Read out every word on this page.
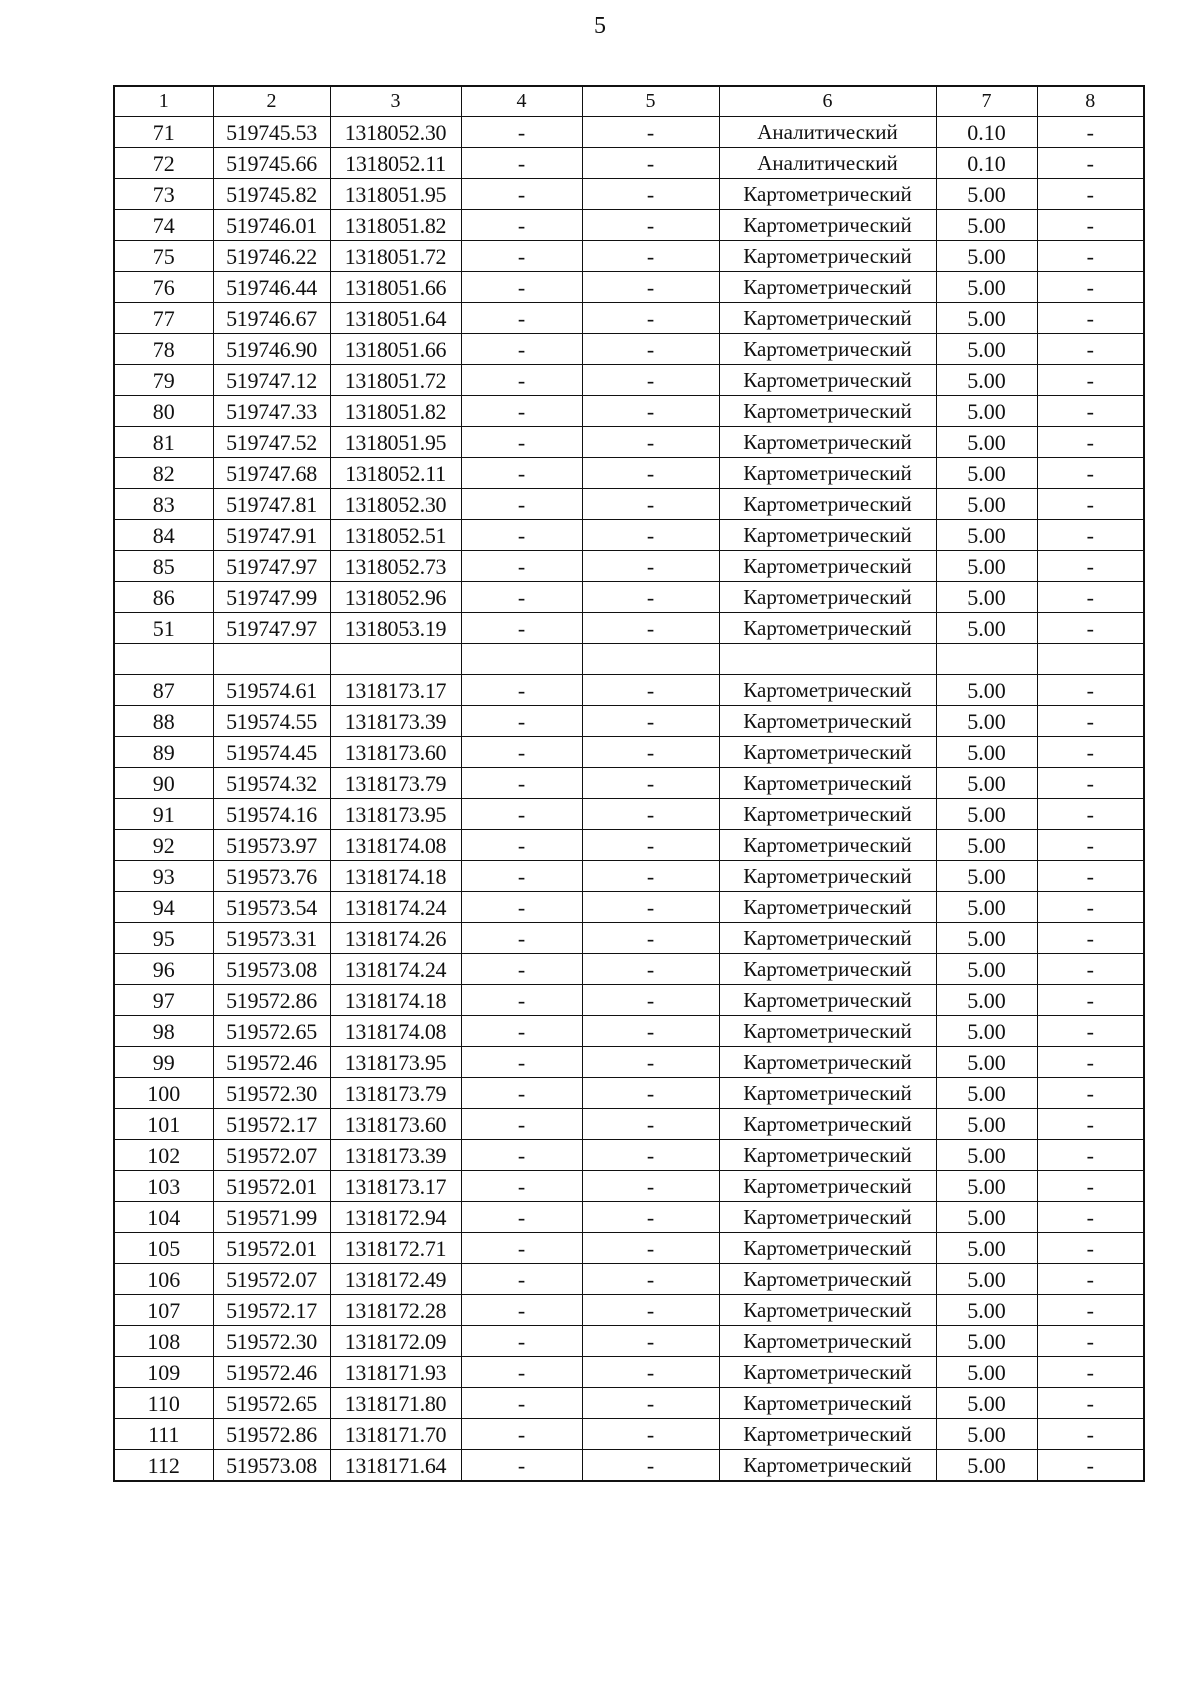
5
1	2	3	4	5	6	7	8
71	519745.53	1318052.30	-	-	Аналитический	0.10	-
72	519745.66	1318052.11	-	-	Аналитический	0.10	-
73	519745.82	1318051.95	-	-	Картометрический	5.00	-
74	519746.01	1318051.82	-	-	Картометрический	5.00	-
75	519746.22	1318051.72	-	-	Картометрический	5.00	-
76	519746.44	1318051.66	-	-	Картометрический	5.00	-
77	519746.67	1318051.64	-	-	Картометрический	5.00	-
78	519746.90	1318051.66	-	-	Картометрический	5.00	-
79	519747.12	1318051.72	-	-	Картометрический	5.00	-
80	519747.33	1318051.82	-	-	Картометрический	5.00	-
81	519747.52	1318051.95	-	-	Картометрический	5.00	-
82	519747.68	1318052.11	-	-	Картометрический	5.00	-
83	519747.81	1318052.30	-	-	Картометрический	5.00	-
84	519747.91	1318052.51	-	-	Картометрический	5.00	-
85	519747.97	1318052.73	-	-	Картометрический	5.00	-
86	519747.99	1318052.96	-	-	Картометрический	5.00	-
51	519747.97	1318053.19	-	-	Картометрический	5.00	-

87	519574.61	1318173.17	-	-	Картометрический	5.00	-
88	519574.55	1318173.39	-	-	Картометрический	5.00	-
89	519574.45	1318173.60	-	-	Картометрический	5.00	-
90	519574.32	1318173.79	-	-	Картометрический	5.00	-
91	519574.16	1318173.95	-	-	Картометрический	5.00	-
92	519573.97	1318174.08	-	-	Картометрический	5.00	-
93	519573.76	1318174.18	-	-	Картометрический	5.00	-
94	519573.54	1318174.24	-	-	Картометрический	5.00	-
95	519573.31	1318174.26	-	-	Картометрический	5.00	-
96	519573.08	1318174.24	-	-	Картометрический	5.00	-
97	519572.86	1318174.18	-	-	Картометрический	5.00	-
98	519572.65	1318174.08	-	-	Картометрический	5.00	-
99	519572.46	1318173.95	-	-	Картометрический	5.00	-
100	519572.30	1318173.79	-	-	Картометрический	5.00	-
101	519572.17	1318173.60	-	-	Картометрический	5.00	-
102	519572.07	1318173.39	-	-	Картометрический	5.00	-
103	519572.01	1318173.17	-	-	Картометрический	5.00	-
104	519571.99	1318172.94	-	-	Картометрический	5.00	-
105	519572.01	1318172.71	-	-	Картометрический	5.00	-
106	519572.07	1318172.49	-	-	Картометрический	5.00	-
107	519572.17	1318172.28	-	-	Картометрический	5.00	-
108	519572.30	1318172.09	-	-	Картометрический	5.00	-
109	519572.46	1318171.93	-	-	Картометрический	5.00	-
110	519572.65	1318171.80	-	-	Картометрический	5.00	-
111	519572.86	1318171.70	-	-	Картометрический	5.00	-
112	519573.08	1318171.64	-	-	Картометрический	5.00	-
